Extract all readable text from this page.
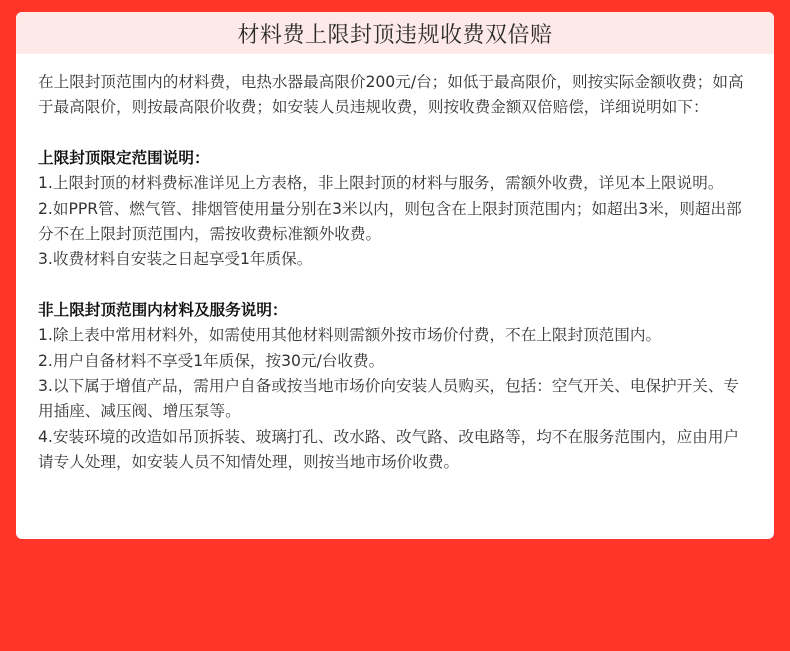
材料费上限封顶违规收费双倍赔

在上限封顶范围内的材料费，电热水器最高限价200元/台；如低于最高限价，则按实际金额收费；如高于最高限价，则按最高限价收费；如安装人员违规收费，则按收费金额双倍赔偿，详细说明如下：

上限封顶限定范围说明：

1.上限封顶的材料费标准详见上方表格，非上限封顶的材料与服务，需额外收费，详见本上限说明。

2.如PPR管、燃气管、排烟管使用量分别在3米以内，则包含在上限封顶范围内；如超出3米，则超出部分不在上限封顶范围内，需按收费标准额外收费。

3.收费材料自安装之日起享受1年质保。

非上限封顶范围内材料及服务说明：

1.除上表中常用材料外，如需使用其他材料则需额外按市场价付费，不在上限封顶范围内。

2.用户自备材料不享受1年质保，按30元/台收费。

3.以下属于增值产品，需用户自备或按当地市场价向安装人员购买，包括：空气开关、电保护开关、专用插座、减压阀、增压泵等。

4.安装环境的改造如吊顶拆装、玻璃打孔、改水路、改气路、改电路等，均不在服务范围内，应由用户请专人处理，如安装人员不知情处理，则按当地市场价收费。
